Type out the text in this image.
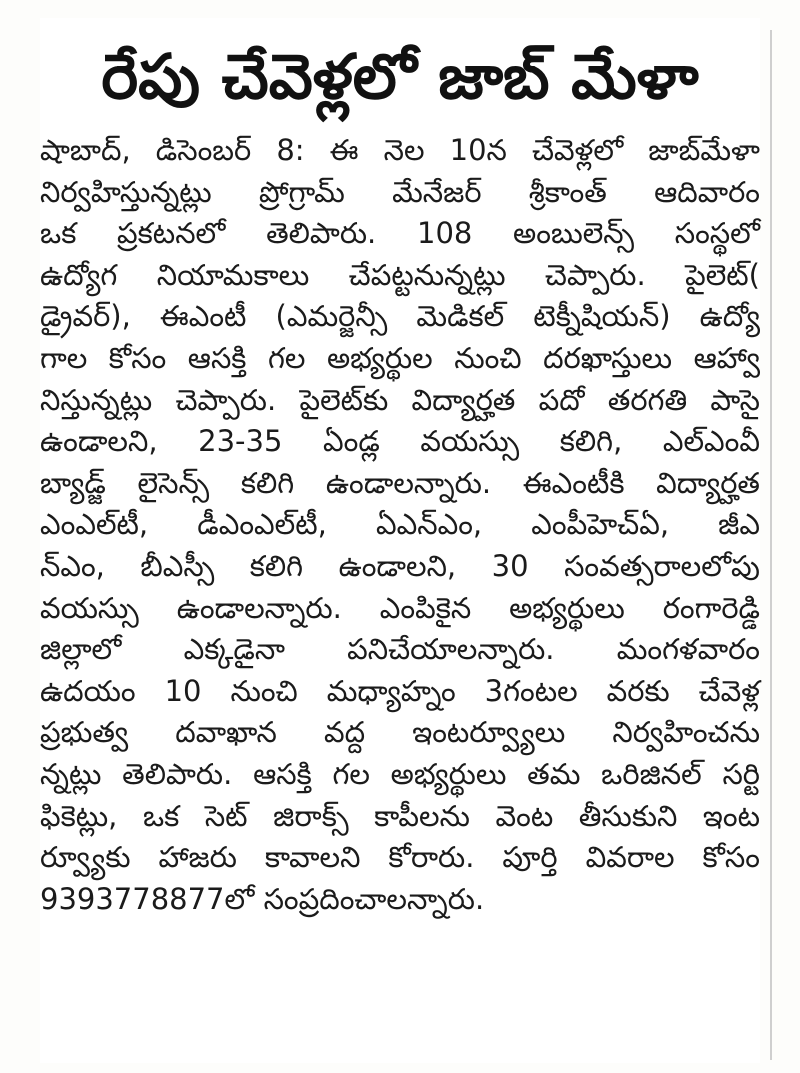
రేపు చేవెళ్లలో జాబ్ మేళా
షాబాద్, డిసెంబర్ 8: ఈ నెల 10న చేవెళ్లలో జాబ్‌మేళా
నిర్వహిస్తున్నట్లు ప్రోగ్రామ్ మేనేజర్ శ్రీకాంత్ ఆదివారం
ఒక ప్రకటనలో తెలిపారు. 108 అంబులెన్స్ సంస్థలో
ఉద్యోగ నియామకాలు చేపట్టనున్నట్లు చెప్పారు. పైలెట్(
డ్రైవర్), ఈఎంటీ (ఎమర్జెన్సీ మెడికల్ టెక్నీషియన్) ఉద్యో
గాల కోసం ఆసక్తి గల అభ్యర్థుల నుంచి దరఖాస్తులు ఆహ్వా
నిస్తున్నట్లు చెప్పారు. పైలెట్‌కు విద్యార్హత పదో తరగతి పాసై
ఉండాలని, 23-35 ఏండ్ల వయస్సు కలిగి, ఎల్ఎంవీ
బ్యాడ్జ్ లైసెన్స్ కలిగి ఉండాలన్నారు. ఈఎంటీకి విద్యార్హత
ఎంఎల్‌టీ, డీఎంఎల్‌టీ, ఏఎన్ఎం, ఎంపీహెచ్ఏ, జీఎ
న్ఎం, బీఎస్సీ కలిగి ఉండాలని, 30 సంవత్సరాలలోపు
వయస్సు ఉండాలన్నారు. ఎంపికైన అభ్యర్థులు రంగారెడ్డి
జిల్లాలో ఎక్కడైనా పనిచేయాలన్నారు. మంగళవారం
ఉదయం 10 నుంచి మధ్యాహ్నం 3గంటల వరకు చేవెళ్ల
ప్రభుత్వ దవాఖాన వద్ద ఇంటర్వ్యూలు నిర్వహించను
న్నట్లు తెలిపారు. ఆసక్తి గల అభ్యర్థులు తమ ఒరిజినల్ సర్టి
ఫికెట్లు, ఒక సెట్ జిరాక్స్ కాపీలను వెంట తీసుకుని ఇంట
ర్వ్యూకు హాజరు కావాలని కోరారు. పూర్తి వివరాల కోసం
9393778877లో సంప్రదించాలన్నారు.
